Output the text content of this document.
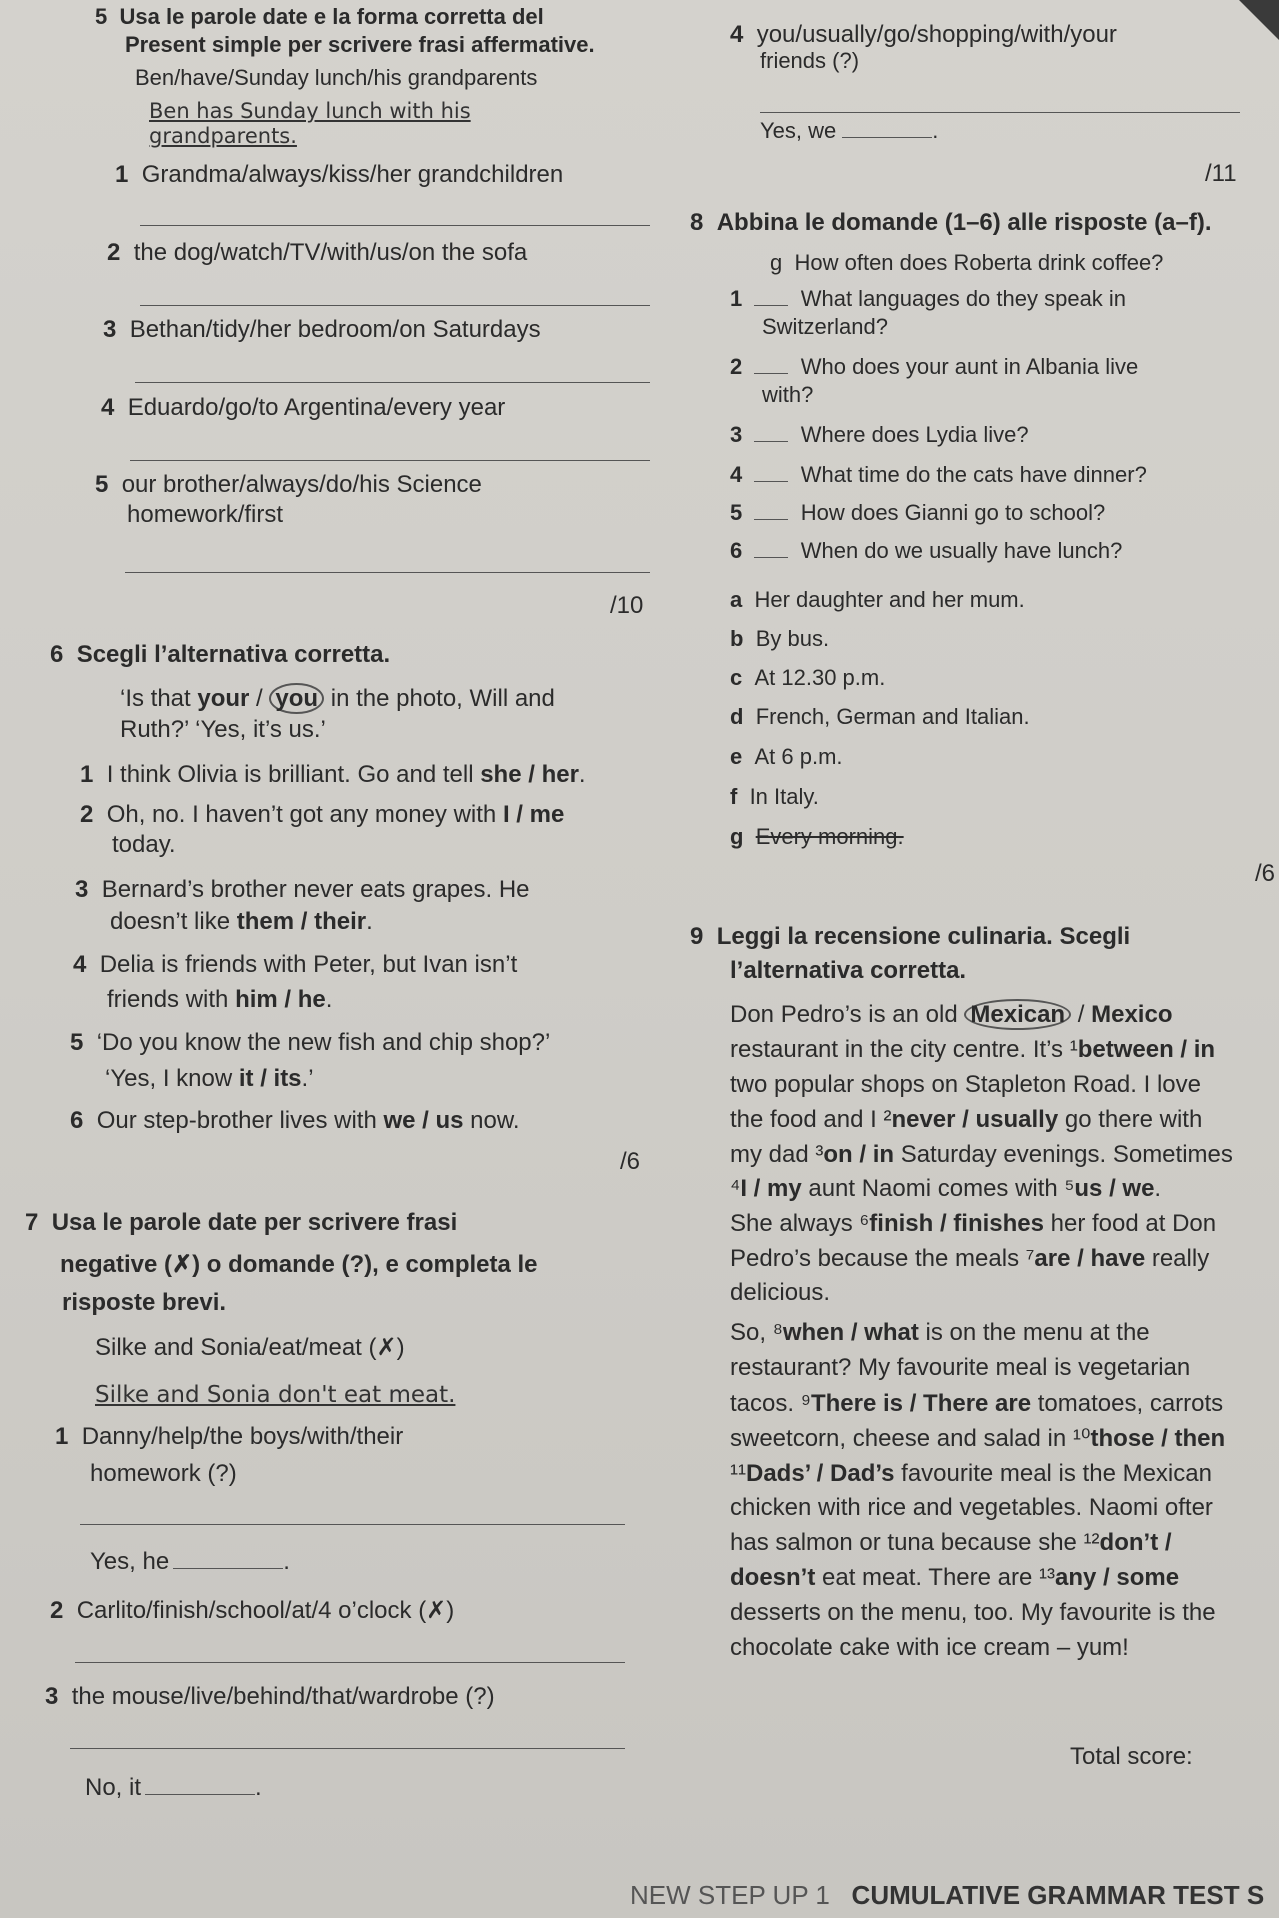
5 Usa le parole date e la forma corretta del
Present simple per scrivere frasi affermative.
Ben/have/Sunday lunch/his grandparents
Ben has Sunday lunch with his
grandparents.
1 Grandma/always/kiss/her grandchildren
2 the dog/watch/TV/with/us/on the sofa
3 Bethan/tidy/her bedroom/on Saturdays
4 Eduardo/go/to Argentina/every year
5 our brother/always/do/his Science
homework/first
/10
6 Scegli l’alternativa corretta.
‘Is that your / you in the photo, Will and
Ruth?’ ‘Yes, it’s us.’
1 I think Olivia is brilliant. Go and tell she / her.
2 Oh, no. I haven’t got any money with I / me
today.
3 Bernard’s brother never eats grapes. He
doesn’t like them / their.
4 Delia is friends with Peter, but Ivan isn’t
friends with him / he.
5 ‘Do you know the new fish and chip shop?’
‘Yes, I know it / its.’
6 Our step-brother lives with we / us now.
/6
7 Usa le parole date per scrivere frasi
negative (✗) o domande (?), e completa le
risposte brevi.
Silke and Sonia/eat/meat (✗)
Silke and Sonia don't eat meat.
1 Danny/help/the boys/with/their
homework (?)
Yes, he	.
2 Carlito/finish/school/at/4 o’clock (✗)
3 the mouse/live/behind/that/wardrobe (?)
No, it	.
4 you/usually/go/shopping/with/your
friends (?)
Yes, we	.
/11
8 Abbina le domande (1–6) alle risposte (a–f).
g How often does Roberta drink coffee?
1	What languages do they speak in
Switzerland?
2	Who does your aunt in Albania live
with?
3	Where does Lydia live?
4	What time do the cats have dinner?
5	How does Gianni go to school?
6	When do we usually have lunch?
a Her daughter and her mum.
b By bus.
c At 12.30 p.m.
d French, German and Italian.
e At 6 p.m.
f In Italy.
g Every morning.
/6
9 Leggi la recensione culinaria. Scegli
l’alternativa corretta.
Don Pedro’s is an old Mexican / Mexico
restaurant in the city centre. It’s ¹between / in
two popular shops on Stapleton Road. I love
the food and I ²never / usually go there with
my dad ³on / in Saturday evenings. Sometimes
⁴I / my aunt Naomi comes with ⁵us / we.
She always ⁶finish / finishes her food at Don
Pedro’s because the meals ⁷are / have really
delicious.
So, ⁸when / what is on the menu at the
restaurant? My favourite meal is vegetarian
tacos. ⁹There is / There are tomatoes, carrots
sweetcorn, cheese and salad in ¹⁰those / then
¹¹Dads’ / Dad’s favourite meal is the Mexican
chicken with rice and vegetables. Naomi ofter
has salmon or tuna because she ¹²don’t /
doesn’t eat meat. There are ¹³any / some
desserts on the menu, too. My favourite is the
chocolate cake with ice cream – yum!
Total score:
NEW STEP UP 1 CUMULATIVE GRAMMAR TEST S
